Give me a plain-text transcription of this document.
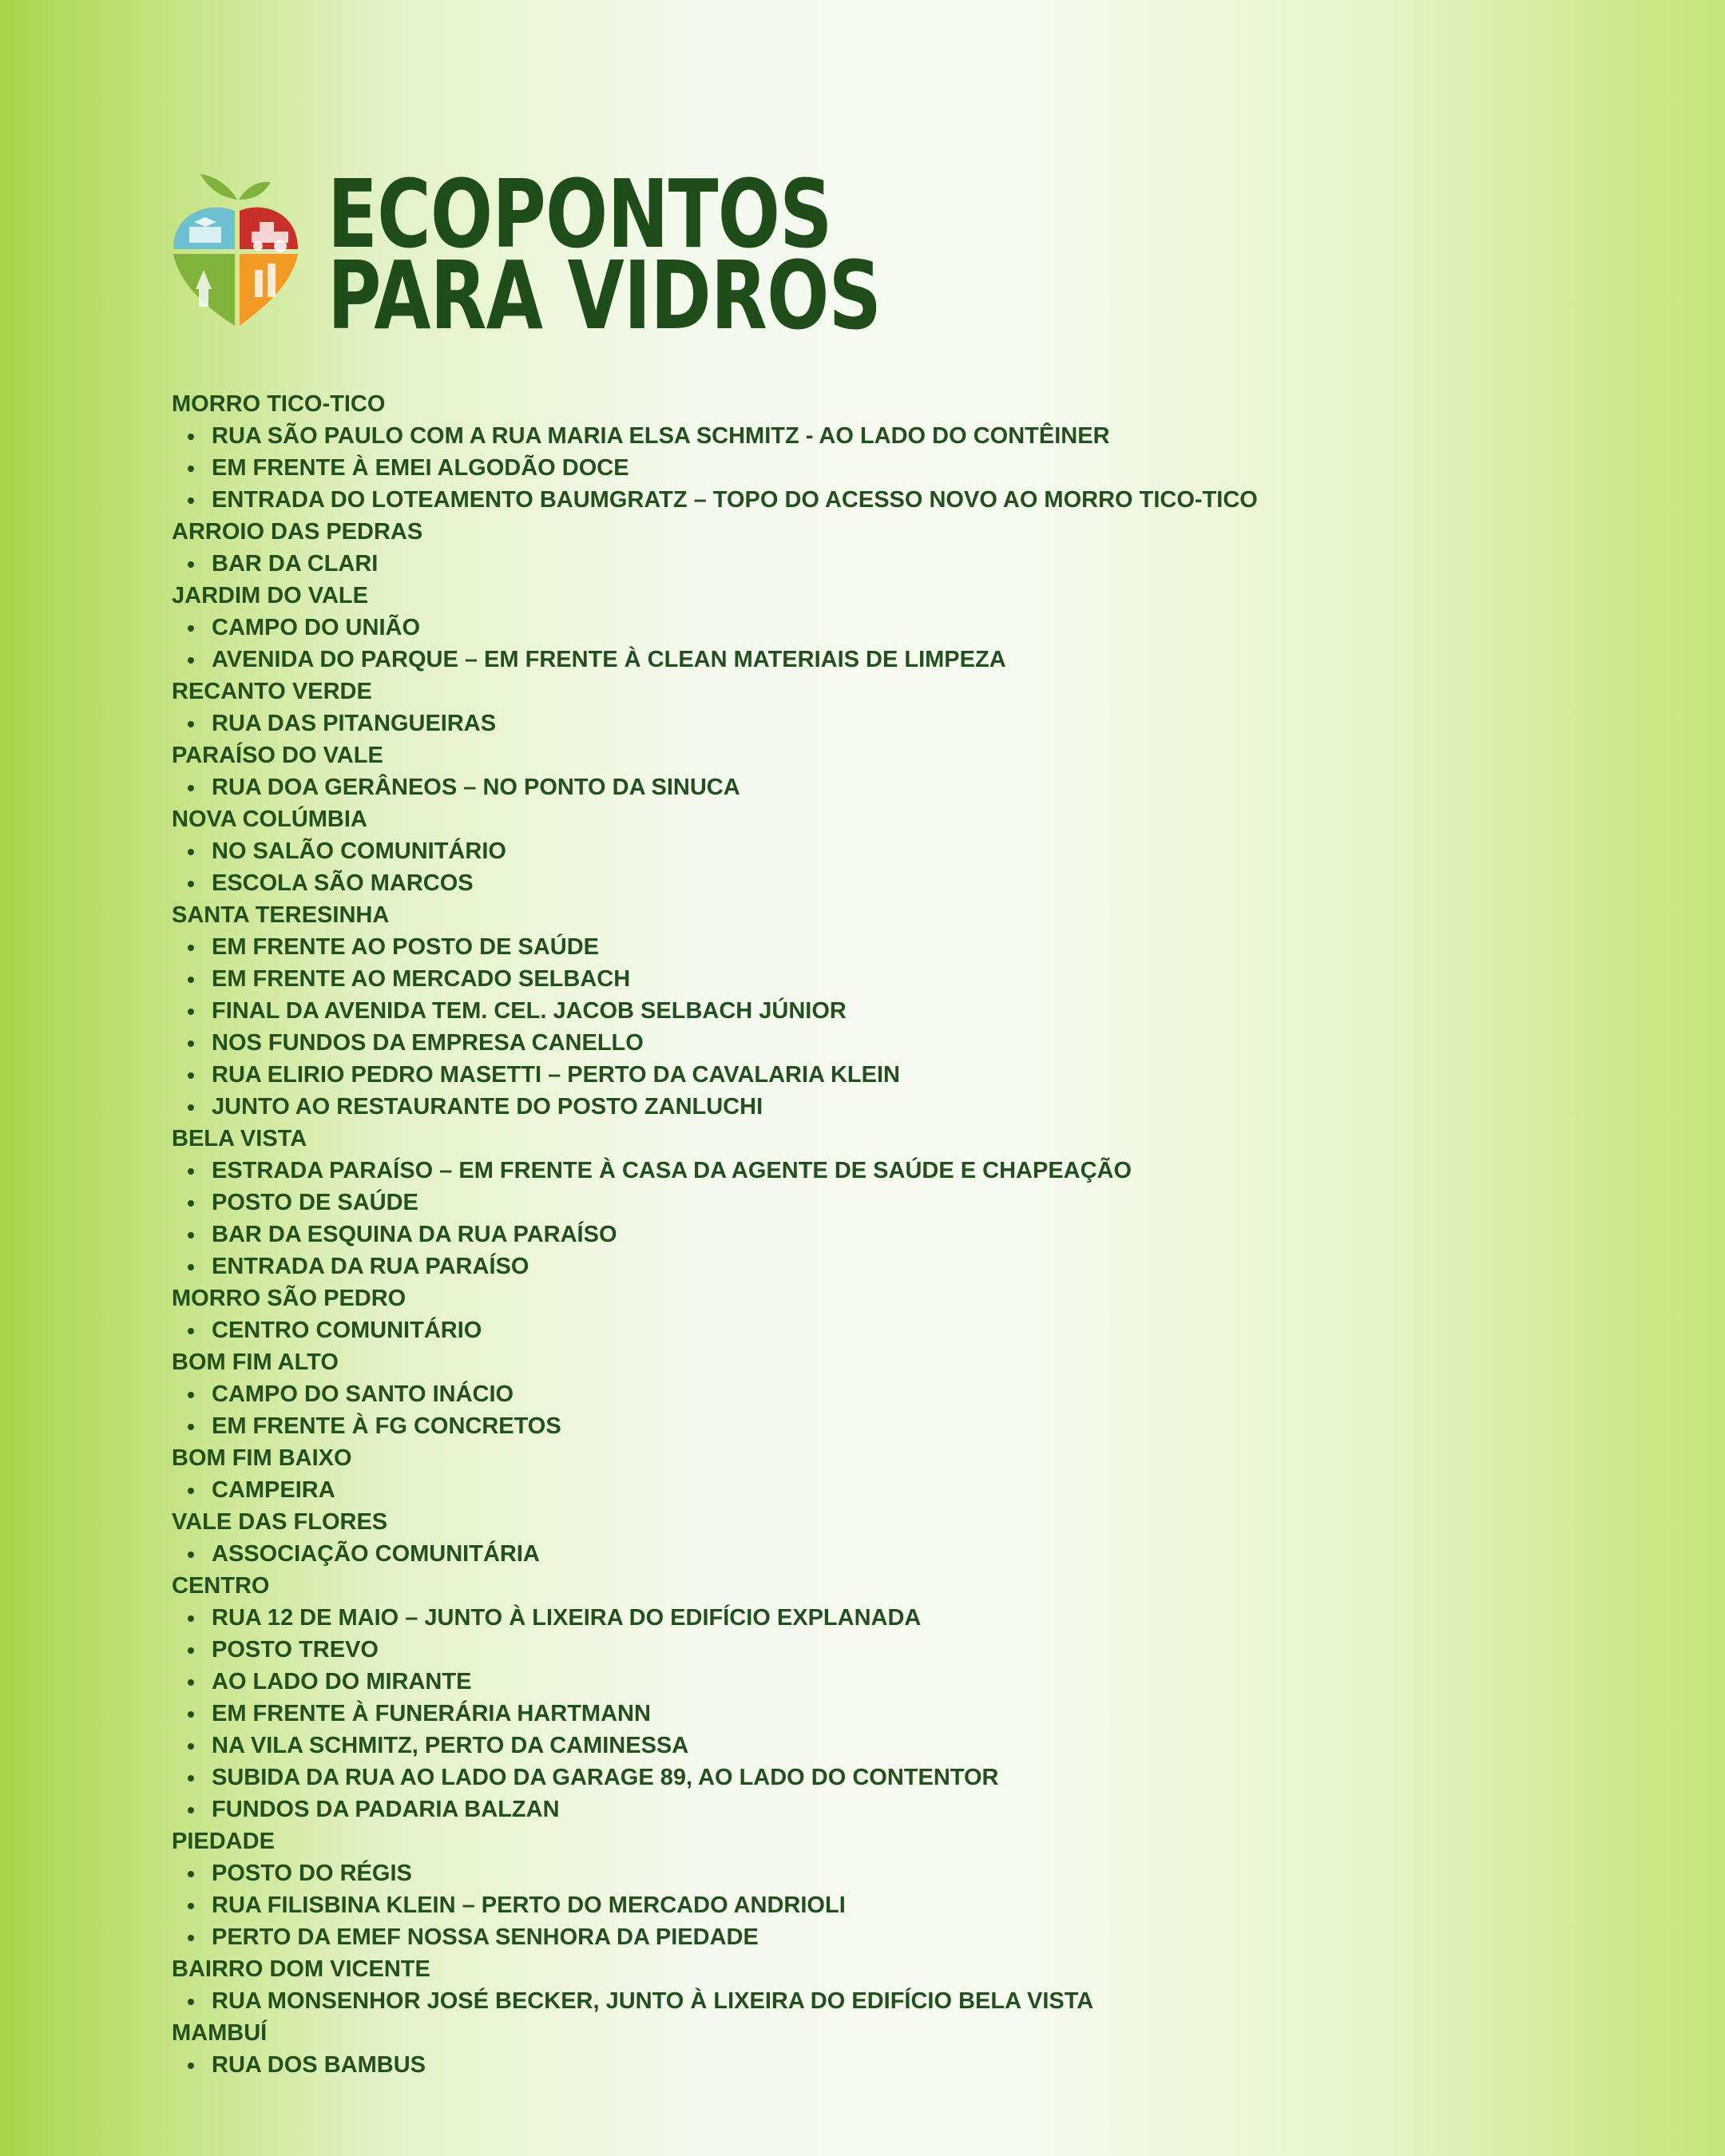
ECOPONTOS
PARA VIDROS
MORRO TICO-TICO
RUA SÃO PAULO COM A RUA MARIA ELSA SCHMITZ - AO LADO DO CONTÊINER
EM FRENTE À EMEI ALGODÃO DOCE
ENTRADA DO LOTEAMENTO BAUMGRATZ – TOPO DO ACESSO NOVO AO MORRO TICO-TICO
ARROIO DAS PEDRAS
BAR DA CLARI
JARDIM DO VALE
CAMPO DO UNIÃO
AVENIDA DO PARQUE – EM FRENTE À CLEAN MATERIAIS DE LIMPEZA
RECANTO VERDE
RUA DAS PITANGUEIRAS
PARAÍSO DO VALE
RUA DOA GERÂNEOS – NO PONTO DA SINUCA
NOVA COLÚMBIA
NO SALÃO COMUNITÁRIO
ESCOLA SÃO MARCOS
SANTA TERESINHA
EM FRENTE AO POSTO DE SAÚDE
EM FRENTE AO MERCADO SELBACH
FINAL DA AVENIDA TEM. CEL. JACOB SELBACH JÚNIOR
NOS FUNDOS DA EMPRESA CANELLO
RUA ELIRIO PEDRO MASETTI – PERTO DA CAVALARIA KLEIN
JUNTO AO RESTAURANTE DO POSTO ZANLUCHI
BELA VISTA
ESTRADA PARAÍSO – EM FRENTE À CASA DA AGENTE DE SAÚDE E CHAPEAÇÃO
POSTO DE SAÚDE
BAR DA ESQUINA DA RUA PARAÍSO
ENTRADA DA RUA PARAÍSO
MORRO SÃO PEDRO
CENTRO COMUNITÁRIO
BOM FIM ALTO
CAMPO DO SANTO INÁCIO
EM FRENTE À FG CONCRETOS
BOM FIM BAIXO
CAMPEIRA
VALE DAS FLORES
ASSOCIAÇÃO COMUNITÁRIA
CENTRO
RUA 12 DE MAIO – JUNTO À LIXEIRA DO EDIFÍCIO EXPLANADA
POSTO TREVO
AO LADO DO MIRANTE
EM FRENTE À FUNERÁRIA HARTMANN
NA VILA SCHMITZ, PERTO DA CAMINESSA
SUBIDA DA RUA AO LADO DA GARAGE 89, AO LADO DO CONTENTOR
FUNDOS DA PADARIA BALZAN
PIEDADE
POSTO DO RÉGIS
RUA FILISBINA KLEIN – PERTO DO MERCADO ANDRIOLI
PERTO DA EMEF NOSSA SENHORA DA PIEDADE
BAIRRO DOM VICENTE
RUA MONSENHOR JOSÉ BECKER, JUNTO À LIXEIRA DO EDIFÍCIO BELA VISTA
MAMBUÍ
RUA DOS BAMBUS
